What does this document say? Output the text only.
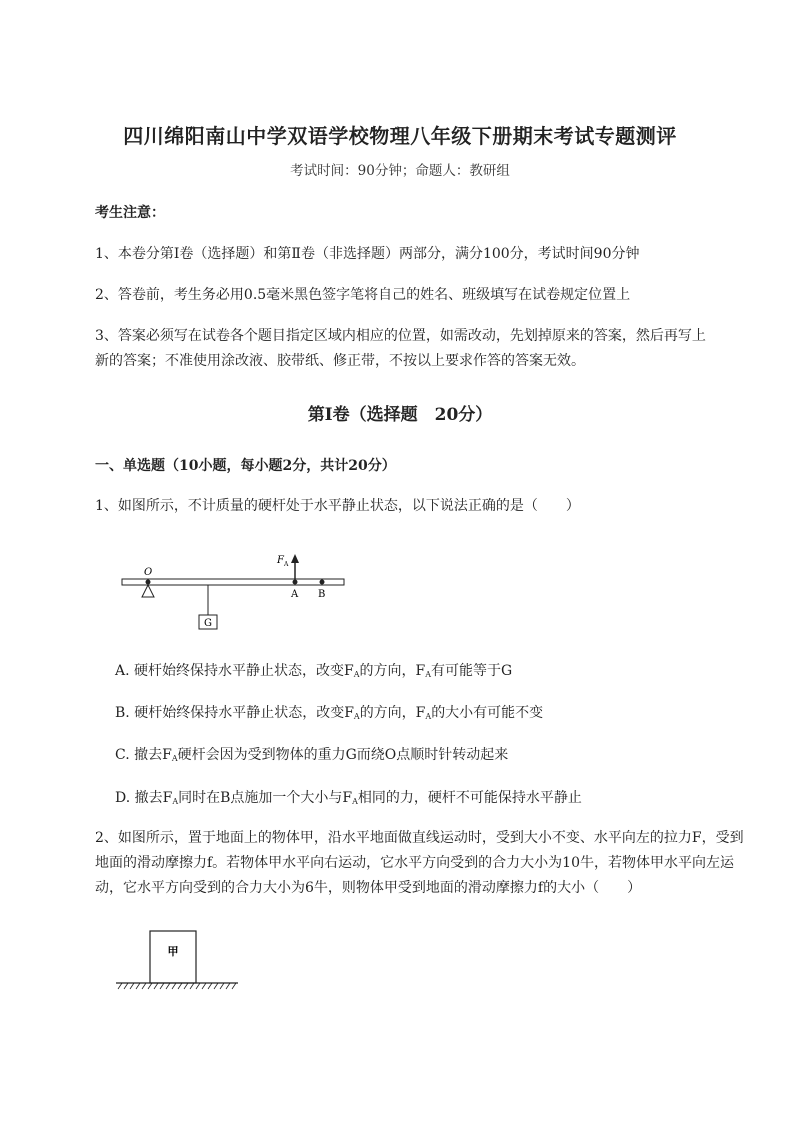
四川绵阳南山中学双语学校物理八年级下册期末考试专题测评
考试时间：90分钟；命题人：教研组
考生注意：
1、本卷分第I卷（选择题）和第Ⅱ卷（非选择题）两部分，满分100分，考试时间90分钟
2、答卷前，考生务必用0.5毫米黑色签字笔将自己的姓名、班级填写在试卷规定位置上
3、答案必须写在试卷各个题目指定区域内相应的位置，如需改动，先划掉原来的答案，然后再写上新的答案；不准使用涂改液、胶带纸、修正带，不按以上要求作答的答案无效。
第I卷（选择题　20分）
一、单选题（10小题，每小题2分，共计20分）
1、如图所示，不计质量的硬杆处于水平静止状态，以下说法正确的是（　　）
O
G
F A
A B
A. 硬杆始终保持水平静止状态，改变$F_A$的方向，$F_A$有可能等于G
B. 硬杆始终保持水平静止状态，改变$F_A$的方向，$F_A$的大小有可能不变
C. 撤去$F_A$硬杆会因为受到物体的重力G而绕O点顺时针转动起来
D. 撤去$F_A$同时在B点施加一个大小与$F_A$相同的力，硬杆不可能保持水平静止
2、如图所示，置于地面上的物体甲，沿水平地面做直线运动时，受到大小不变、水平向左的拉力F，受到地面的滑动摩擦力f。若物体甲水平向右运动，它水平方向受到的合力大小为10牛，若物体甲水平向左运动，它水平方向受到的合力大小为6牛，则物体甲受到地面的滑动摩擦力f的大小（　　）
甲
